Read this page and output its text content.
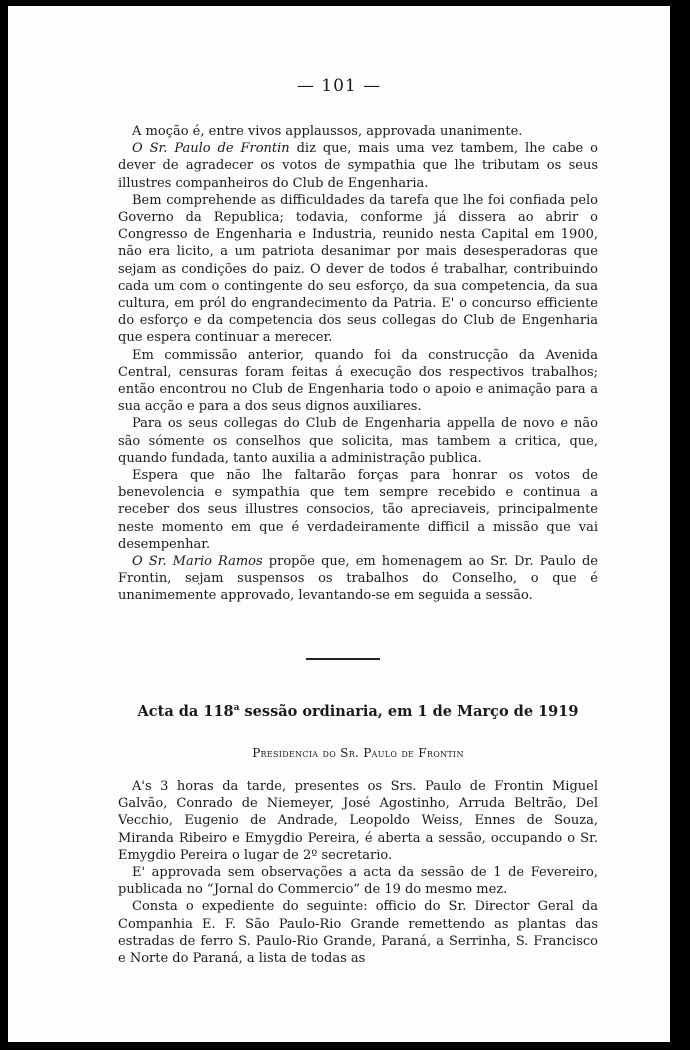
— 101 —

A moção é, entre vivos applaussos, approvada unanimente.

O Sr. Paulo de Frontin diz que, mais uma vez tambem, lhe cabe o dever de agradecer os votos de sympathia que lhe tributam os seus illustres companheiros do Club de Engenharia.

Bem comprehende as difficuldades da tarefa que lhe foi confiada pelo Governo da Republica; todavia, conforme já dissera ao abrir o Congresso de Engenharia e Industria, reunido nesta Capital em 1900, não era licito, a um patriota desanimar por mais desesperadoras que sejam as condições do paiz. O dever de todos é trabalhar, contribuindo cada um com o contingente do seu esforço, da sua competencia, da sua cultura, em pról do engrandecimento da Patria. E' o concurso efficiente do esforço e da competencia dos seus collegas do Club de Engenharia que espera continuar a merecer.

Em commissão anterior, quando foi da construcção da Avenida Central, censuras foram feitas á execução dos respectivos trabalhos; então encontrou no Club de Engenharia todo o apoio e animação para a sua acção e para a dos seus dignos auxiliares.

Para os seus collegas do Club de Engenharia appella de novo e não são sómente os conselhos que solicita, mas tambem a critica, que, quando fundada, tanto auxilia a administração publica.

Espera que não lhe faltarão forças para honrar os votos de benevolencia e sympathia que tem sempre recebido e continua a receber dos seus illustres consocios, tão apreciaveis, principalmente neste momento em que é verdadeiramente difficil a missão que vai desempenhar.

O Sr. Mario Ramos propõe que, em homenagem ao Sr. Dr. Paulo de Frontin, sejam suspensos os trabalhos do Conselho, o que é unanimemente approvado, levantando-se em seguida a sessão.

Acta da 118$^a$ sessão ordinaria, em 1 de Março de 1919
Presidencia do Sr. Paulo de Frontin

A's 3 horas da tarde, presentes os Srs. Paulo de Frontin Miguel Galvão, Conrado de Niemeyer, José Agostinho, Arruda Beltrão, Del Vecchio, Eugenio de Andrade, Leopoldo Weiss, Ennes de Souza, Miranda Ribeiro e Emygdio Pereira, é aberta a sessão, occupando o Sr. Emygdio Pereira o lugar de 2º secretario.

E' approvada sem observações a acta da sessão de 1 de Fevereiro, publicada no “Jornal do Commercio” de 19 do mesmo mez.

Consta o expediente do seguinte: officio do Sr. Director Geral da Companhia E. F. São Paulo-Rio Grande remettendo as plantas das estradas de ferro S. Paulo-Rio Grande, Paraná, a Serrinha, S. Francisco e Norte do Paraná, a lista de todas as
